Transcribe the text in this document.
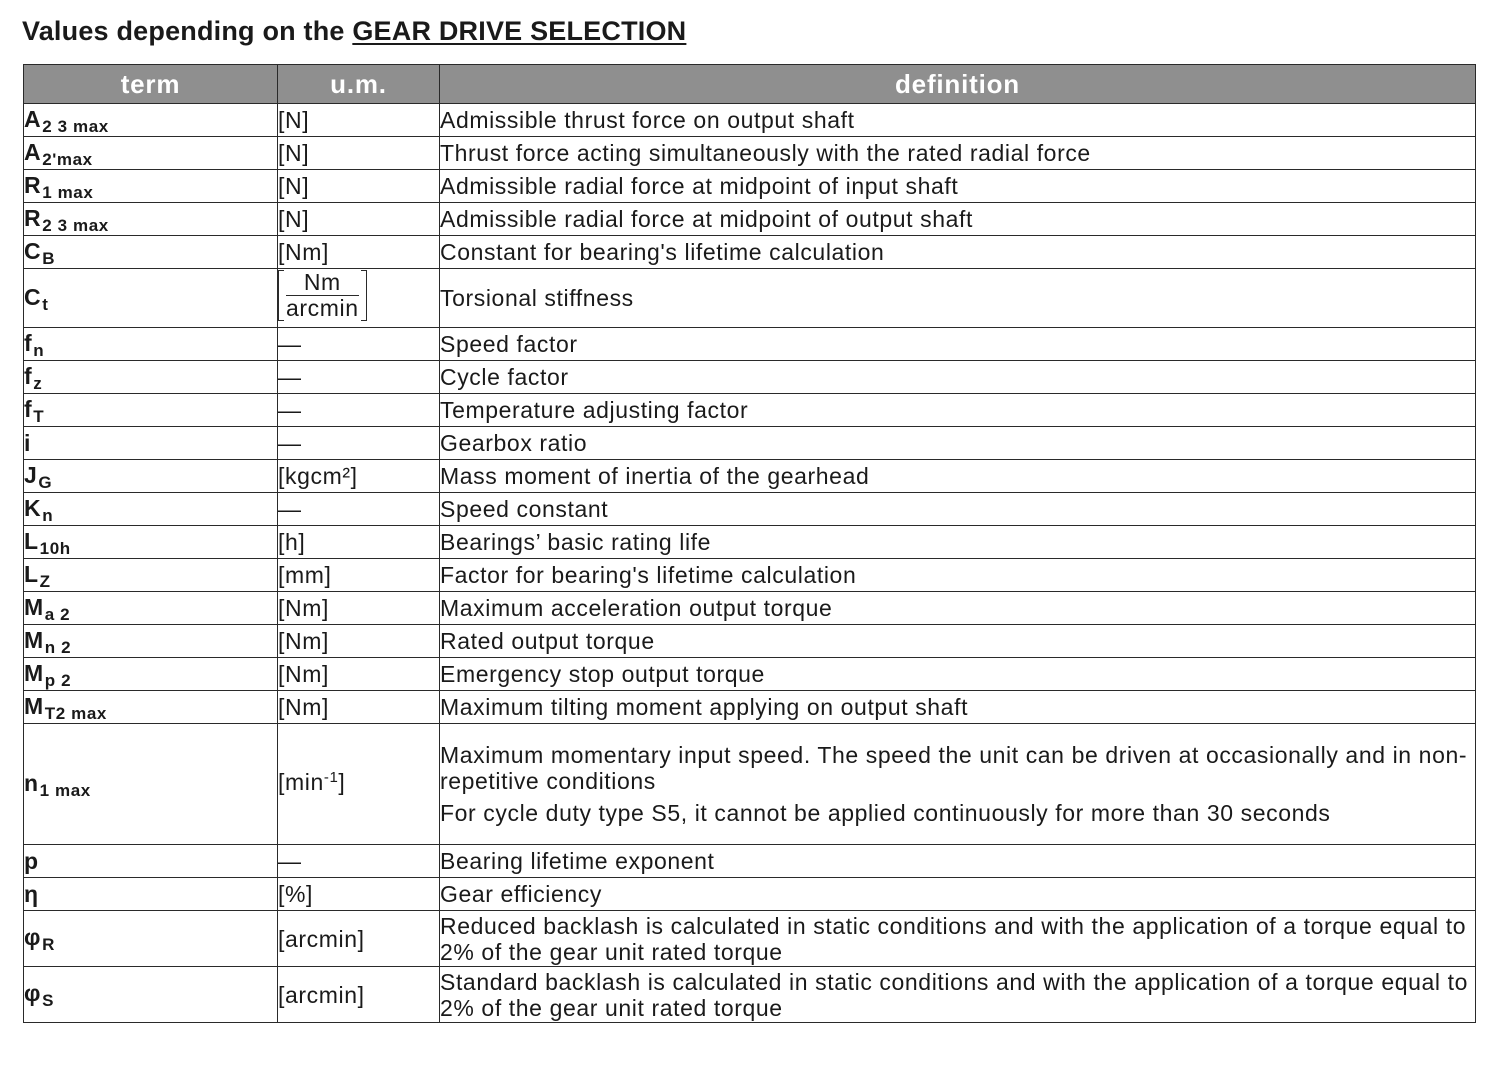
Values depending on the GEAR DRIVE SELECTION
term	u.m.	definition
$A_{2 3 max}$	[N]	Admissible thrust force on output shaft

$A_{2'max}$	[N]	Thrust force acting simultaneously with the rated radial force

$R_{1 max}$	[N]	Admissible radial force at midpoint of input shaft

$R_{2 3 max}$	[N]	Admissible radial force at midpoint of output shaft

$C_B$	[Nm]	Constant for bearing's lifetime calculation

$C_t$	$\frac{Nm}{\text{arcmin}}$	Torsional stiffness

$f_n$	—	Speed factor

$f_z$	—	Cycle factor

$f_T$	—	Temperature adjusting factor

i	—	Gearbox ratio

$J_G$	[kgcm²]	Mass moment of inertia of the gearhead

$K_n$	—	Speed constant

$L_{10h}$	[h]	Bearings’ basic rating life

$L_Z$	[mm]	Factor for bearing's lifetime calculation

$M_{a 2}$	[Nm]	Maximum acceleration output torque

$M_{n 2}$	[Nm]	Rated output torque

$M_{p 2}$	[Nm]	Emergency stop output torque

$M_{T2 max}$	[Nm]	Maximum tilting moment applying on output shaft

$n_{1 max}$	$[\min^{-1}]$	Maximum momentary input speed. The speed the unit can be driven at occasionally and in non-repetitive conditions
For cycle duty type S5, it cannot be applied continuously for more than 30 seconds

p	—	Bearing lifetime exponent

η	[%]	Gear efficiency

$\varphi_R$	[arcmin]	Reduced backlash is calculated in static conditions and with the application of a torque equal to 2% of the gear unit rated torque

$\varphi_S$	[arcmin]	Standard backlash is calculated in static conditions and with the application of a torque equal to 2% of the gear unit rated torque
